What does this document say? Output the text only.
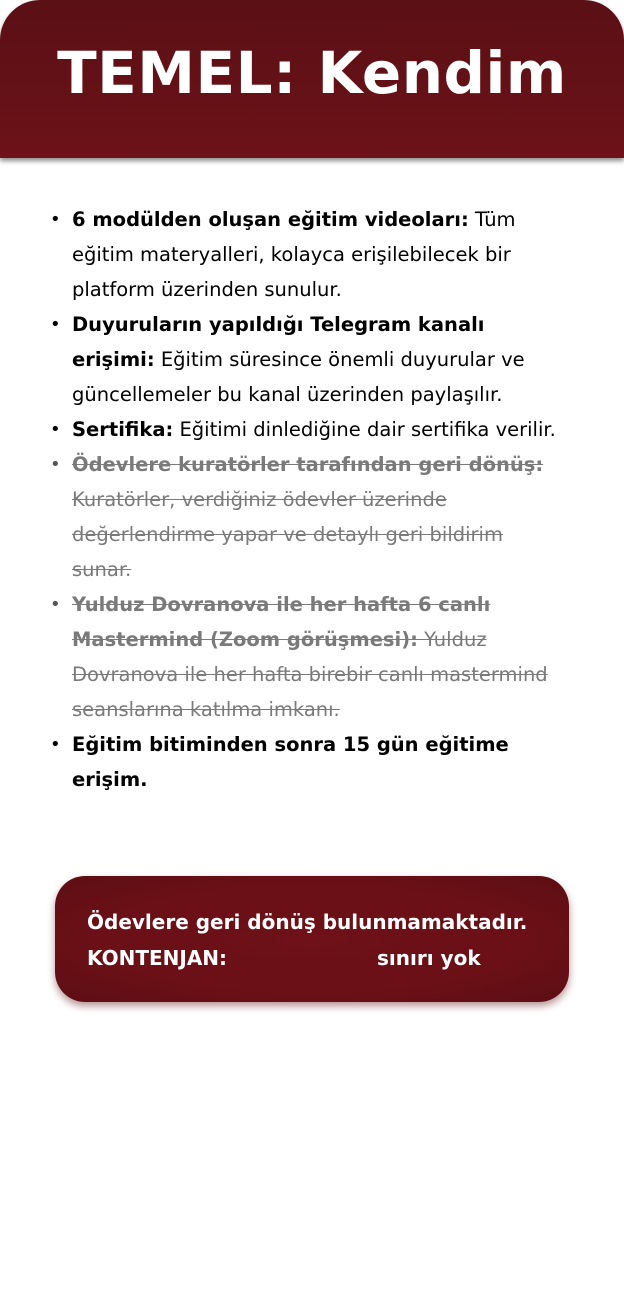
TEMEL: Kendim
• 6 modülden oluşan eğitim videoları: Tüm eğitim materyalleri, kolayca erişilebilecek bir platform üzerinden sunulur.
• Duyuruların yapıldığı Telegram kanalı erişimi: Eğitim süresince önemli duyurular ve güncellemeler bu kanal üzerinden paylaşılır.
• Sertifika: Eğitimi dinlediğine dair sertifika verilir.
• Ödevlere kuratörler tarafından geri dönüş: Kuratörler, verdiğiniz ödevler üzerinde değerlendirme yapar ve detaylı geri bildirim sunar.
• Yulduz Dovranova ile her hafta 6 canlı Mastermind (Zoom görüşmesi): Yulduz Dovranova ile her hafta birebir canlı mastermind seanslarına katılma imkanı.
• Eğitim bitiminden sonra 15 gün eğitime erişim.
Ödevlere geri dönüş bulunmamaktadır.
KONTENJAN:	sınırı yok
